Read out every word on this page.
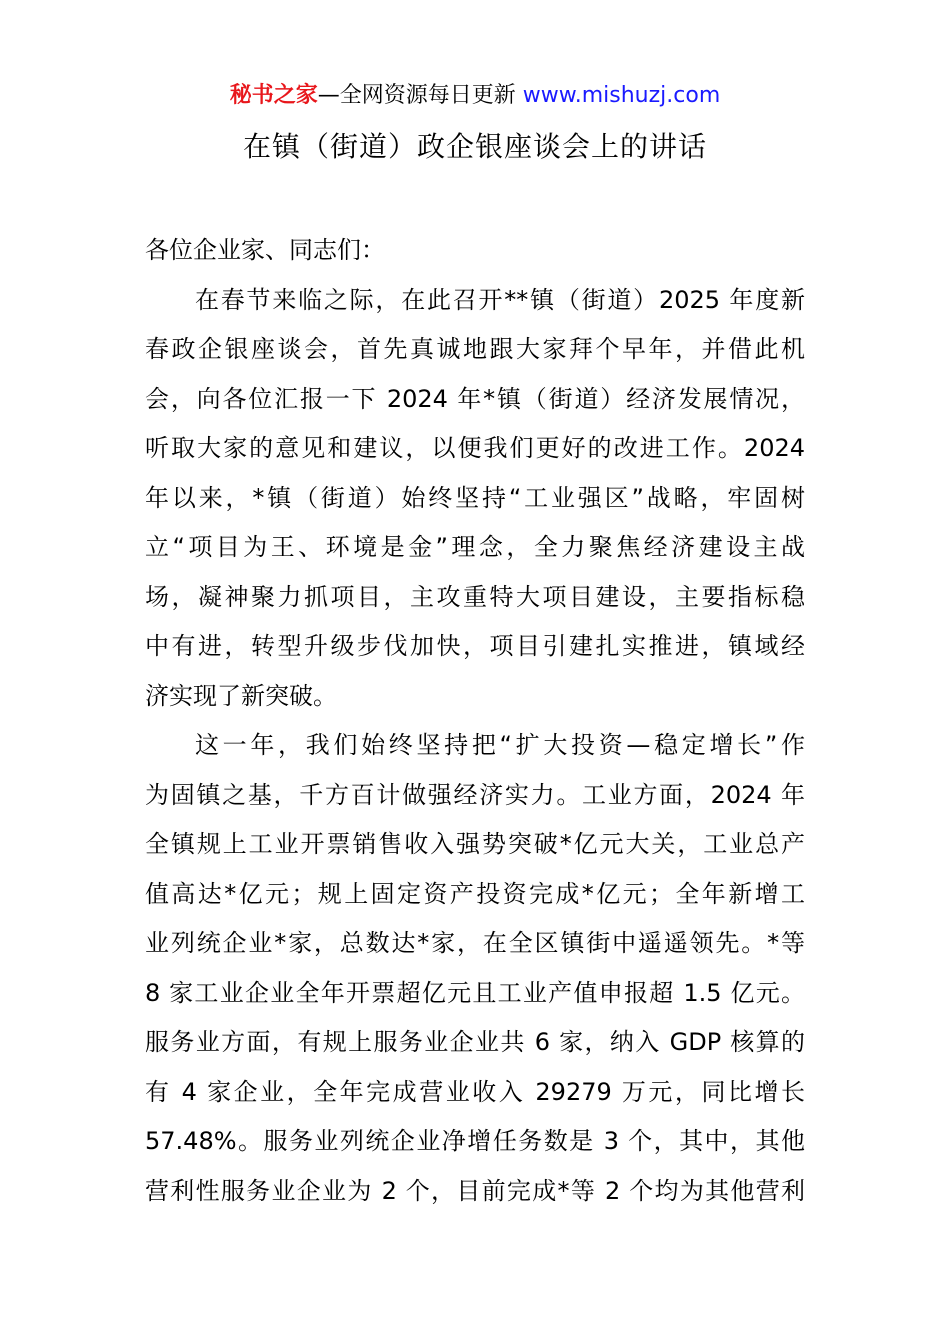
秘书之家—全网资源每日更新 www.mishuzj.com
在镇（街道）政企银座谈会上的讲话
各位企业家、同志们：
在春节来临之际，在此召开**镇（街道）2025 年度新
春政企银座谈会，首先真诚地跟大家拜个早年，并借此机
会，向各位汇报一下 2024 年*镇（街道）经济发展情况，
听取大家的意见和建议，以便我们更好的改进工作。2024
年以来，*镇（街道）始终坚持“工业强区”战略，牢固树
立“项目为王、环境是金”理念，全力聚焦经济建设主战
场，凝神聚力抓项目，主攻重特大项目建设，主要指标稳
中有进，转型升级步伐加快，项目引建扎实推进，镇域经
济实现了新突破。
这一年，我们始终坚持把“扩大投资—稳定增长”作
为固镇之基，千方百计做强经济实力。工业方面，2024 年
全镇规上工业开票销售收入强势突破*亿元大关，工业总产
值高达*亿元；规上固定资产投资完成*亿元；全年新增工
业列统企业*家，总数达*家，在全区镇街中遥遥领先。*等
8 家工业企业全年开票超亿元且工业产值申报超 1.5 亿元。
服务业方面，有规上服务业企业共 6 家，纳入 GDP 核算的
有 4 家企业，全年完成营业收入 29279 万元，同比增长
57.48%。服务业列统企业净增任务数是 3 个，其中，其他
营利性服务业企业为 2 个，目前完成*等 2 个均为其他营利
